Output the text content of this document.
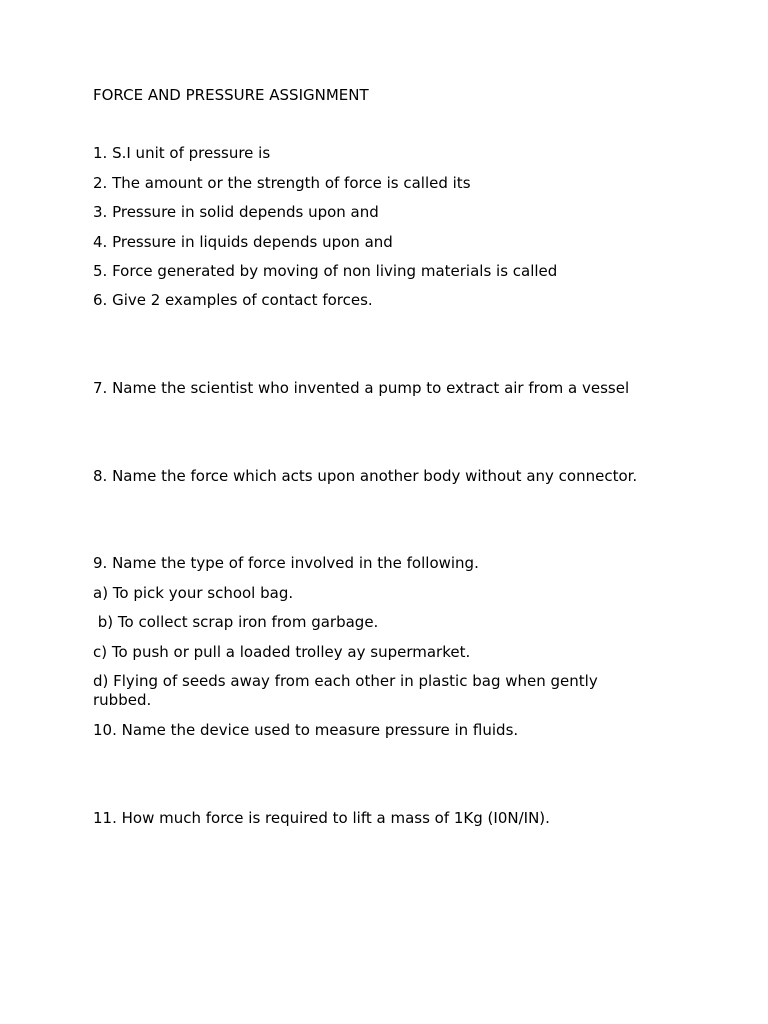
FORCE AND PRESSURE ASSIGNMENT

1. S.I unit of pressure is

2. The amount or the strength of force is called its

3. Pressure in solid depends upon and

4. Pressure in liquids depends upon and

5. Force generated by moving of non living materials is called

6. Give 2 examples of contact forces.

7. Name the scientist who invented a pump to extract air from a vessel

8. Name the force which acts upon another body without any connector.

9. Name the type of force involved in the following.

a) To pick your school bag.

b) To collect scrap iron from garbage.

c) To push or pull a loaded trolley ay supermarket.

d) Flying of seeds away from each other in plastic bag when gently rubbed.

10. Name the device used to measure pressure in fluids.

11. How much force is required to lift a mass of 1Kg (I0N/IN).
